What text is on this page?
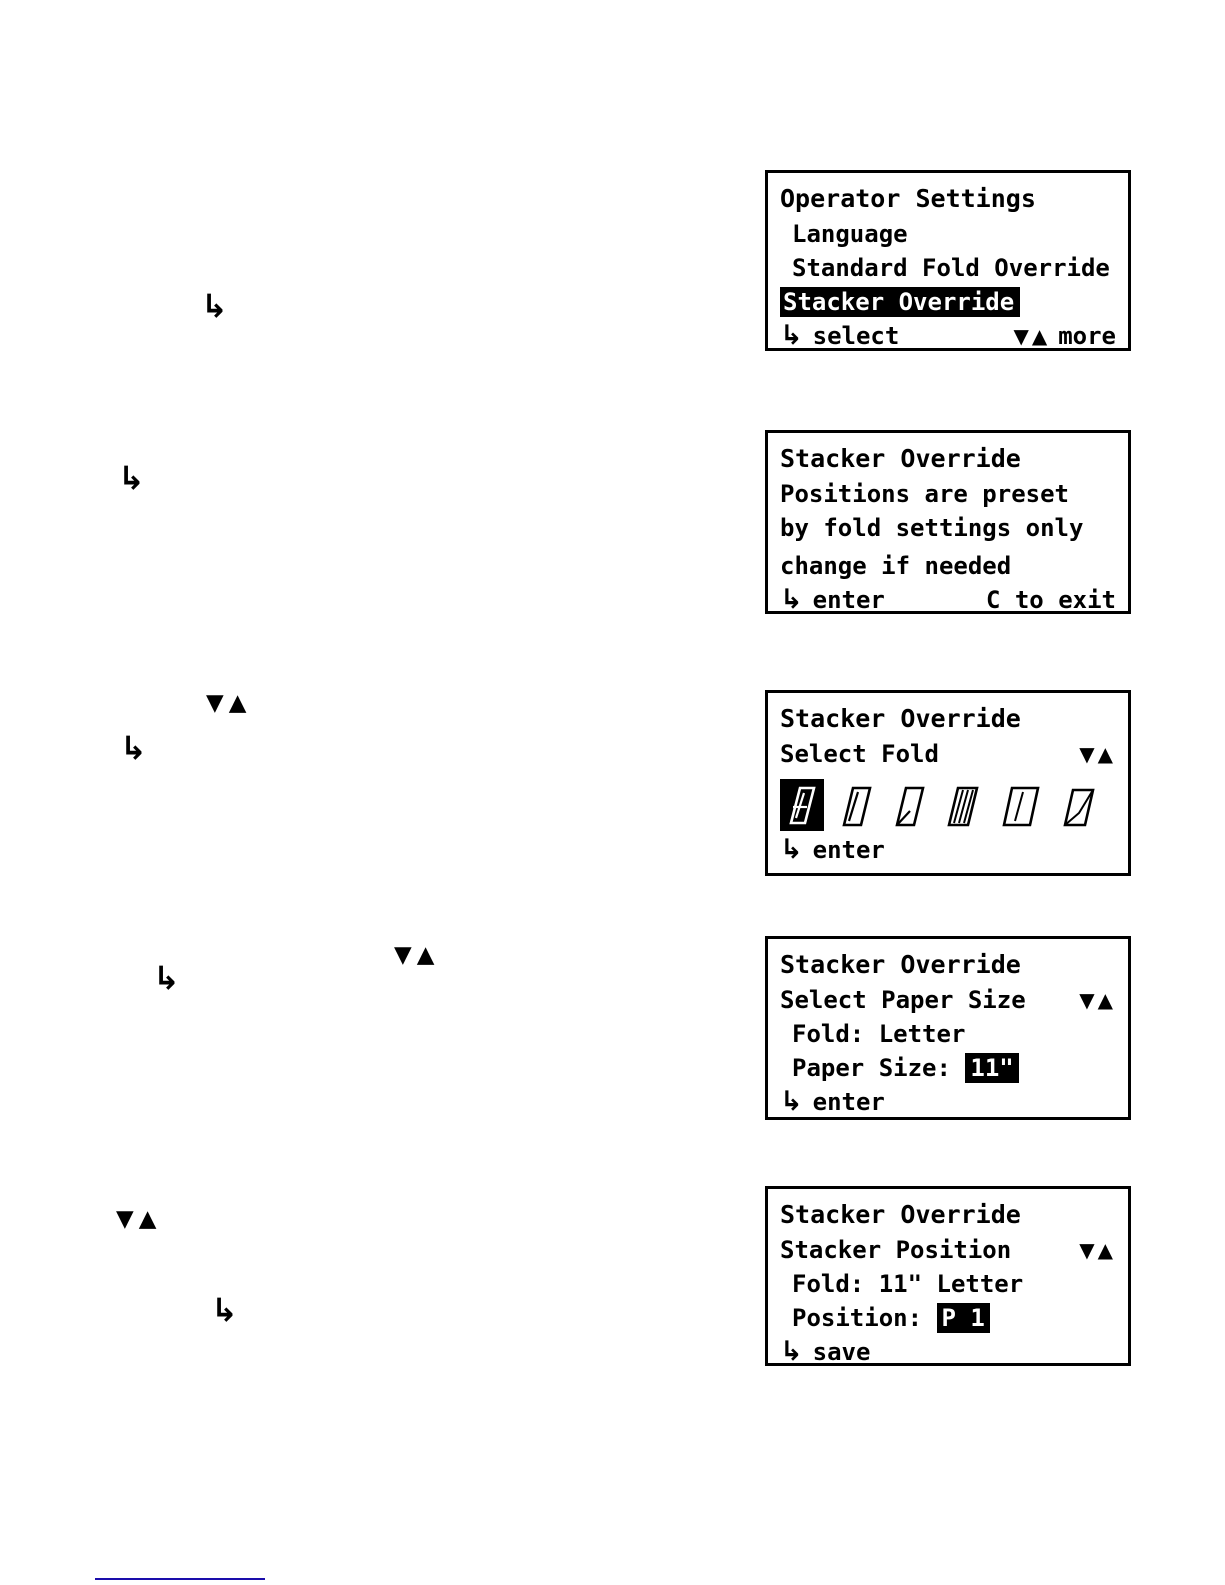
Operator Settings
Language
Standard Fold Override
Stacker Override
↳ select	▼▲ more
Stacker Override
Positions are preset
by fold settings only
change if needed
↳ enter	C to exit
Stacker Override
Select Fold	▼▲
↳ enter
Stacker Override
Select Paper Size	▼▲
Fold: Letter
Paper Size: 11"
↳ enter
Stacker Override
Stacker Position	▼▲
Fold: 11" Letter
Position: P 1
↳ save
↳
↳
▼▲
↳
▼▲
↳
▼▲
↳
